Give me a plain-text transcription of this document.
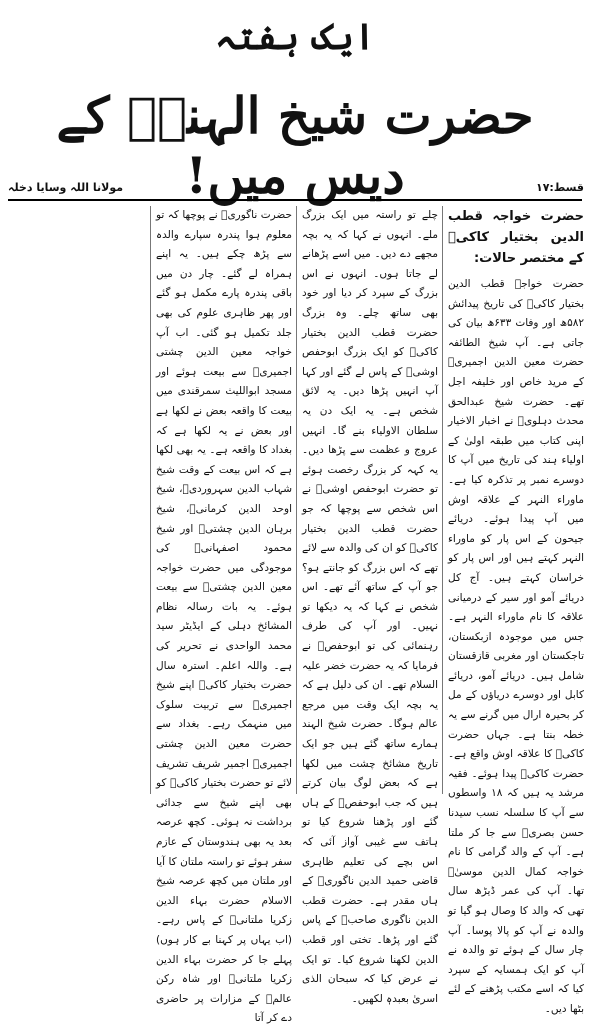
ایک ہفتہ
حضرت شیخ الہندؒ کے دیس میں!	قسط:۱۷
مولانا اللہ وسایا دخلہ

حضرت خواجہ قطب الدین بختیار کاکیؒ کے مختصر حالات:

حضرت خواجہ قطب الدین بختیار کاکیؒ کی تاریخ پیدائش ۵۸۲ھ اور وفات ۶۳۳ھ بیان کی جاتی ہے۔ آپ شیخ الطائفہ حضرت معین الدین اجمیریؒ کے مرید خاص اور خلیفہ اجل تھے۔ حضرت شیخ عبدالحق محدث دہلویؒ نے اخبار الاخیار اپنی کتاب میں طبقہ اولیٰ کے اولیاء ہند کی تاریخ میں آپ کا دوسرے نمبر پر تذکرہ کیا ہے۔ ماوراء النہر کے علاقہ اوش میں آپ پیدا ہوئے۔ دریائے جیحون کے اس پار کو ماوراء النہر کہتے ہیں اور اس پار کو خراسان کہتے ہیں۔ آج کل دریائے آمو اور سیر کے درمیانی علاقہ کا نام ماوراء النہر ہے۔ جس میں موجودہ ازبکستان، تاجکستان اور مغربی قازقستان شامل ہیں۔ دریائے آمو، دریائے کابل اور دوسرے دریاؤں کے مل کر بحیرہ ارال میں گرنے سے یہ خطہ بنتا ہے۔ جہاں حضرت کاکیؒ کا علاقہ اوش واقع ہے۔ حضرت کاکیؒ پیدا ہوئے۔ فقیہ مرشد یہ ہیں کہ ۱۸ واسطوں سے آپ کا سلسلہ نسب سیدنا حسن بصریؓ سے جا کر ملتا ہے۔ آپ کے والد گرامی کا نام خواجہ کمال الدین موسیٰؒ تھا۔ آپ کی عمر ڈیڑھ سال تھی کہ والد کا وصال ہو گیا تو والدہ نے آپ کو پالا پوسا۔ آپ چار سال کے ہوئے تو والدہ نے آپ کو ایک ہمسایہ کے سپرد کیا کہ اسے مکتب پڑھنے کے لئے بٹھا دیں۔

چلے تو راستہ میں ایک بزرگ ملے۔ انہوں نے کہا کہ یہ بچہ مجھے دے دیں۔ میں اسے پڑھانے لے جاتا ہوں۔ انہوں نے اس بزرگ کے سپرد کر دیا اور خود بھی ساتھ چلے۔ وہ بزرگ حضرت قطب الدین بختیار کاکیؒ کو ایک بزرگ ابوحفص اوشیؒ کے پاس لے گئے اور کہا آپ انہیں پڑھا دیں۔ یہ لائق شخص ہے۔ یہ ایک دن یہ سلطان الاولیاء بنے گا۔ انہیں عروج و عظمت سے پڑھا دیں۔ یہ کہہ کر بزرگ رخصت ہوئے تو حضرت ابوحفص اوشیؒ نے اس شخص سے پوچھا کہ جو حضرت قطب الدین بختیار کاکیؒ کو ان کی والدہ سے لائے تھے کہ اس بزرگ کو جانتے ہو؟ جو آپ کے ساتھ آئے تھے۔ اس شخص نے کہا کہ یہ دیکھا تو نہیں۔ اور آپ کی طرف رہنمائی کی تو ابوحفصؒ نے فرمایا کہ یہ حضرت خضر علیہ السلام تھے۔ ان کی دلیل ہے کہ یہ بچہ ایک وقت میں مرجع عالم ہوگا۔ حضرت شیخ الہند ہمارے ساتھ گئے ہیں جو ایک تاریخ مشائخ چشت میں لکھا ہے کہ بعض لوگ بیان کرتے ہیں کہ جب ابوحفصؒ کے ہاں گئے اور پڑھنا شروع کیا تو ہاتف سے غیبی آواز آئی کہ اس بچے کی تعلیم ظاہری قاضی حمید الدین ناگوریؒ کے ہاں مقدر ہے۔ حضرت قطب الدین ناگوری صاحبؒ کے پاس گئے اور پڑھا۔ تختی اور قطب الدین لکھنا شروع کیا۔ تو ایک نے عرض کیا کہ سبحان الذی اسریٰ بعبدہٖ لکھیں۔

حضرت ناگوریؒ نے پوچھا کہ تو معلوم ہوا پندرہ سپارے والدہ سے پڑھ چکے ہیں۔ یہ اپنے ہمراہ لے گئے۔ چار دن میں باقی پندرہ پارے مکمل ہو گئے اور پھر ظاہری علوم کی بھی جلد تکمیل ہو گئی۔ اب آپ خواجہ معین الدین چشتی اجمیریؒ سے بیعت ہوئے اور مسجد ابواللیث سمرقندی میں بیعت کا واقعہ بعض نے لکھا ہے اور بعض نے یہ لکھا ہے کہ بغداد کا واقعہ ہے۔ یہ بھی لکھا ہے کہ اس بیعت کے وقت شیخ شہاب الدین سہروردیؒ، شیخ اوحد الدین کرمانیؒ، شیخ برہان الدین چشتیؒ اور شیخ محمود اصفہانیؒ کی موجودگی میں حضرت خواجہ معین الدین چشتیؒ سے بیعت ہوئے۔ یہ بات رسالہ نظام المشائخ دہلی کے ایڈیٹر سید محمد الواحدی نے تحریر کی ہے۔ واللہ اعلم۔ استرہ سال حضرت بختیار کاکیؒ اپنے شیخ اجمیریؒ سے تربیت سلوک میں منہمک رہے۔ بغداد سے حضرت معین الدین چشتی اجمیریؒ اجمیر شریف تشریف لائے تو حضرت بختیار کاکیؒ کو بھی اپنے شیخ سے جدائی برداشت نہ ہوئی۔ کچھ عرصہ بعد یہ بھی ہندوستان کے عازم سفر ہوئے تو راستہ ملتان کا آیا اور ملتان میں کچھ عرصہ شیخ الاسلام حضرت بہاء الدین زکریا ملتانیؒ کے پاس رہے۔ (اب یہاں پر کہنا بے کار ہوں) پہلے جا کر حضرت بہاء الدین زکریا ملتانیؒ اور شاہ رکن عالمؒ کے مزارات پر حاضری دے کر آتا
